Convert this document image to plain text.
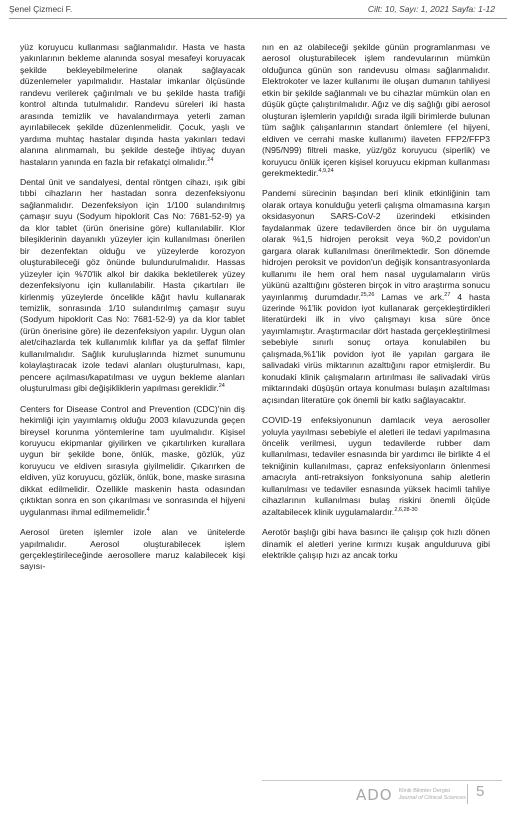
Şenel Çizmeci F.	Cilt: 10, Sayı: 1, 2021 Sayfa: 1-12

yüz koruyucu kullanması sağlanmalıdır. Hasta ve hasta yakınlarının bekleme alanında sosyal mesafeyi koruyacak şekilde bekleyebilmelerine olanak sağlayacak düzenlemeler yapılmalıdır. Hastalar imkanlar ölçüsünde randevu verilerek çağırılmalı ve bu şekilde hasta trafiği kontrol altında tutulmalıdır. Randevu süreleri iki hasta arasında temizlik ve havalandırmaya yeterli zaman ayırılabilecek şekilde düzenlenmelidir. Çocuk, yaşlı ve yardıma muhtaç hastalar dışında hasta yakınları tedavi alanına alınmamalı, bu şekilde desteğe ihtiyaç duyan hastaların yanında en fazla bir refakatçi olmalıdır.$^{24}$

Dental ünit ve sandalyesi, dental röntgen cihazı, ışık gibi tıbbi cihazların her hastadan sonra dezenfeksiyonu sağlanmalıdır. Dezenfeksiyon için 1/100 sulandırılmış çamaşır suyu (Sodyum hipoklorit Cas No: 7681-52-9) ya da klor tablet (ürün önerisine göre) kullanılabilir. Klor bileşiklerinin dayanıklı yüzeyler için kullanılması önerilen bir dezenfektan olduğu ve yüzeylerde korozyon oluşturabileceği göz önünde bulundurulmalıdır. Hassas yüzeyler için %70'lik alkol bir dakika bekletilerek yüzey dezenfeksiyonu için kullanılabilir. Hasta çıkartıları ile kirlenmiş yüzeylerde öncelikle kâğıt havlu kullanarak temizlik, sonrasında 1/10 sulandırılmış çamaşır suyu (Sodyum hipoklorit Cas No: 7681-52-9) ya da klor tablet (ürün önerisine göre) ile dezenfeksiyon yapılır. Uygun olan alet/cihazlarda tek kullanımlık kılıflar ya da şeffaf filmler kullanılmalıdır. Sağlık kuruluşlarında hizmet sunumunu kolaylaştıracak izole tedavi alanları oluşturulması, kapı, pencere açılması/kapatılması ve uygun bekleme alanları oluşturulması gibi değişikliklerin yapılması gereklidir.$^{24}$

Centers for Disease Control and Prevention (CDC)'nin diş hekimliği için yayımlamış olduğu 2003 kılavuzunda geçen bireysel korunma yöntemlerine tam uyulmalıdır. Kişisel koruyucu ekipmanlar giyilirken ve çıkartılırken kurallara uygun bir şekilde bone, önlük, maske, gözlük, yüz koruyucu ve eldiven sırasıyla giyilmelidir. Çıkarırken de eldiven, yüz koruyucu, gözlük, önlük, bone, maske sırasına dikkat edilmelidir. Özellikle maskenin hasta odasından çıktıktan sonra en son çıkarılması ve sonrasında el hijyeni uygulanması ihmal edilmemelidir.$^4$

Aerosol üreten işlemler izole alan ve ünitelerde yapılmalıdır. Aerosol oluşturabilecek işlem gerçekleştirileceğinde aerosollere maruz kalabilecek kişi sayısı-

nın en az olabileceği şekilde günün programlanması ve aerosol oluşturabilecek işlem randevularının mümkün olduğunca günün son randevusu olması sağlanmalıdır. Elektrokoter ve lazer kullanımı ile oluşan dumanın tahliyesi etkin bir şekilde sağlanmalı ve bu cihazlar mümkün olan en düşük güçte çalıştırılmalıdır. Ağız ve diş sağlığı gibi aerosol oluşturan işlemlerin yapıldığı sırada ilgili birimlerde bulunan tüm sağlık çalışanlarının standart önlemlere (el hijyeni, eldiven ve cerrahi maske kullanımı) ilaveten FFP2/FFP3 (N95/N99) filtreli maske, yüz/göz koruyucu (siperlik) ve koruyucu önlük içeren kişisel koruyucu ekipman kullanması gerekmektedir.$^{4,9,24}$

Pandemi sürecinin başından beri klinik etkinliğinin tam olarak ortaya konulduğu yeterli çalışma olmamasına karşın oksidasyonun SARS-CoV-2 üzerindeki etkisinden faydalanmak üzere tedavilerden önce bir ön uygulama olarak %1,5 hidrojen peroksit veya %0,2 povidon'un gargara olarak kullanılması önerilmektedir. Son dönemde hidrojen peroksit ve povidon'un değişik konsantrasyonlarda kullanımı ile hem oral hem nasal uygulamaların virüs yükünü azalttığını gösteren birçok in vitro araştırma sonucu yayınlanmış durumdadır.$^{25,26}$ Lamas ve ark.$^{27}$ 4 hasta üzerinde %1'lik povidon iyot kullanarak gerçekleştirdikleri literatürdeki ilk in vivo çalışmayı kısa süre önce yayımlamıştır. Araştırmacılar dört hastada gerçekleştirilmesi sebebiyle sınırlı sonuç ortaya konulabilen bu çalışmada,%1'lik povidon iyot ile yapılan gargara ile salivadaki virüs miktarının azalttığını rapor etmişlerdir. Bu konudaki klinik çalışmaların artırılması ile salivadaki virüs miktarındaki düşüşün ortaya konulması bulaşın azaltılması açısından literatüre çok önemli bir katkı sağlayacaktır.

COVID-19 enfeksiyonunun damlacık veya aerosoller yoluyla yayılması sebebiyle el aletleri ile tedavi yapılmasına öncelik verilmesi, uygun tedavilerde rubber dam kullanılması, tedaviler esnasında bir yardımcı ile birlikte 4 el tekniğinin kullanılması, çapraz enfeksiyonların önlenmesi amacıyla anti-retraksiyon fonksiyonuna sahip aletlerin kullanılması ve tedaviler esnasında yüksek hacimli tahliye cihazlarının kullanılması bulaş riskini önemli ölçüde azaltabilecek klinik uygulamalardır.$^{2,6,28-30}$

Aerotör başlığı gibi hava basıncı ile çalışıp çok hızlı dönen dinamik el aletleri yerine kırmızı kuşak angulduruva gibi elektrikle çalışıp hızı az ancak torku

ADO Klinik Bilimler Dergisi
Journal of Clinical Sciences 5
